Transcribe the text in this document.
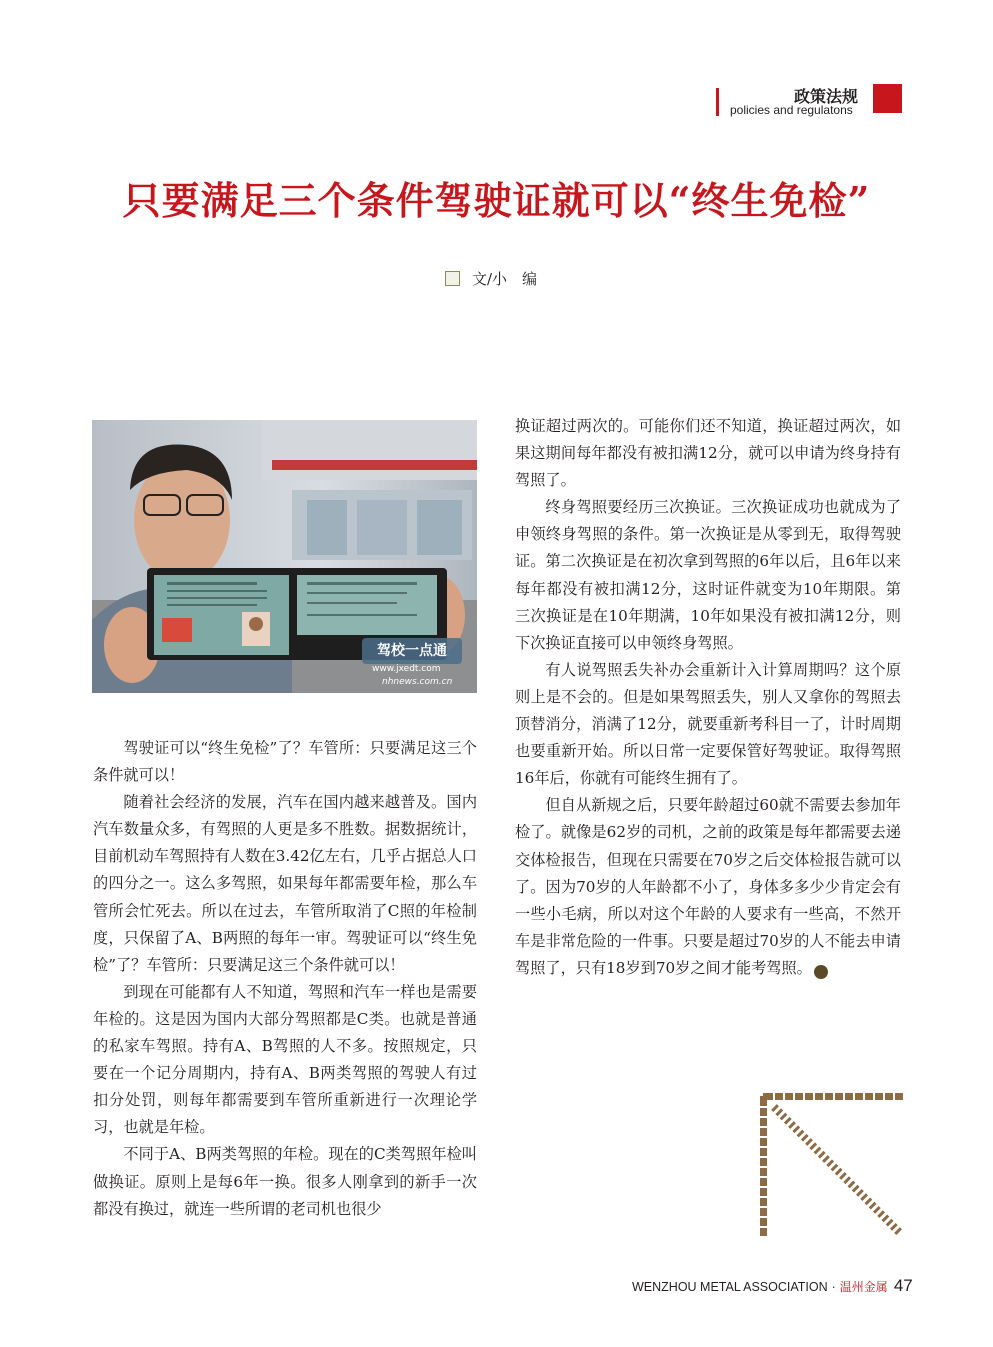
政策法规
policies and regulatons
只要满足三个条件驾驶证就可以“终生免检”
文/小　编
驾校一点通
www.jxedt.com
nhnews.com.cn

驾驶证可以“终生免检”了？车管所：只要满足这三个条件就可以！

随着社会经济的发展，汽车在国内越来越普及。国内汽车数量众多，有驾照的人更是多不胜数。据数据统计，目前机动车驾照持有人数在3.42亿左右，几乎占据总人口的四分之一。这么多驾照，如果每年都需要年检，那么车管所会忙死去。所以在过去，车管所取消了C照的年检制度，只保留了A、B两照的每年一审。驾驶证可以“终生免检”了？车管所：只要满足这三个条件就可以！

到现在可能都有人不知道，驾照和汽车一样也是需要年检的。这是因为国内大部分驾照都是C类。也就是普通的私家车驾照。持有A、B驾照的人不多。按照规定，只要在一个记分周期内，持有A、B两类驾照的驾驶人有过扣分处罚，则每年都需要到车管所重新进行一次理论学习，也就是年检。

不同于A、B两类驾照的年检。现在的C类驾照年检叫做换证。原则上是每6年一换。很多人刚拿到的新手一次都没有换过，就连一些所谓的老司机也很少

换证超过两次的。可能你们还不知道，换证超过两次，如果这期间每年都没有被扣满12分，就可以申请为终身持有驾照了。

终身驾照要经历三次换证。三次换证成功也就成为了申领终身驾照的条件。第一次换证是从零到无，取得驾驶证。第二次换证是在初次拿到驾照的6年以后，且6年以来每年都没有被扣满12分，这时证件就变为10年期限。第三次换证是在10年期满，10年如果没有被扣满12分，则下次换证直接可以申领终身驾照。

有人说驾照丢失补办会重新计入计算周期吗？这个原则上是不会的。但是如果驾照丢失，别人又拿你的驾照去顶替消分，消满了12分，就要重新考科目一了，计时周期也要重新开始。所以日常一定要保管好驾驶证。取得驾照16年后，你就有可能终生拥有了。

但自从新规之后，只要年龄超过60就不需要去参加年检了。就像是62岁的司机，之前的政策是每年都需要去递交体检报告，但现在只需要在70岁之后交体检报告就可以了。因为70岁的人年龄都不小了，身体多多少少肯定会有一些小毛病，所以对这个年龄的人要求有一些高，不然开车是非常危险的一件事。只要是超过70岁的人不能去申请驾照了，只有18岁到70岁之间才能考驾照。	◆

WENZHOU METAL ASSOCIATION · 温州金属 47
